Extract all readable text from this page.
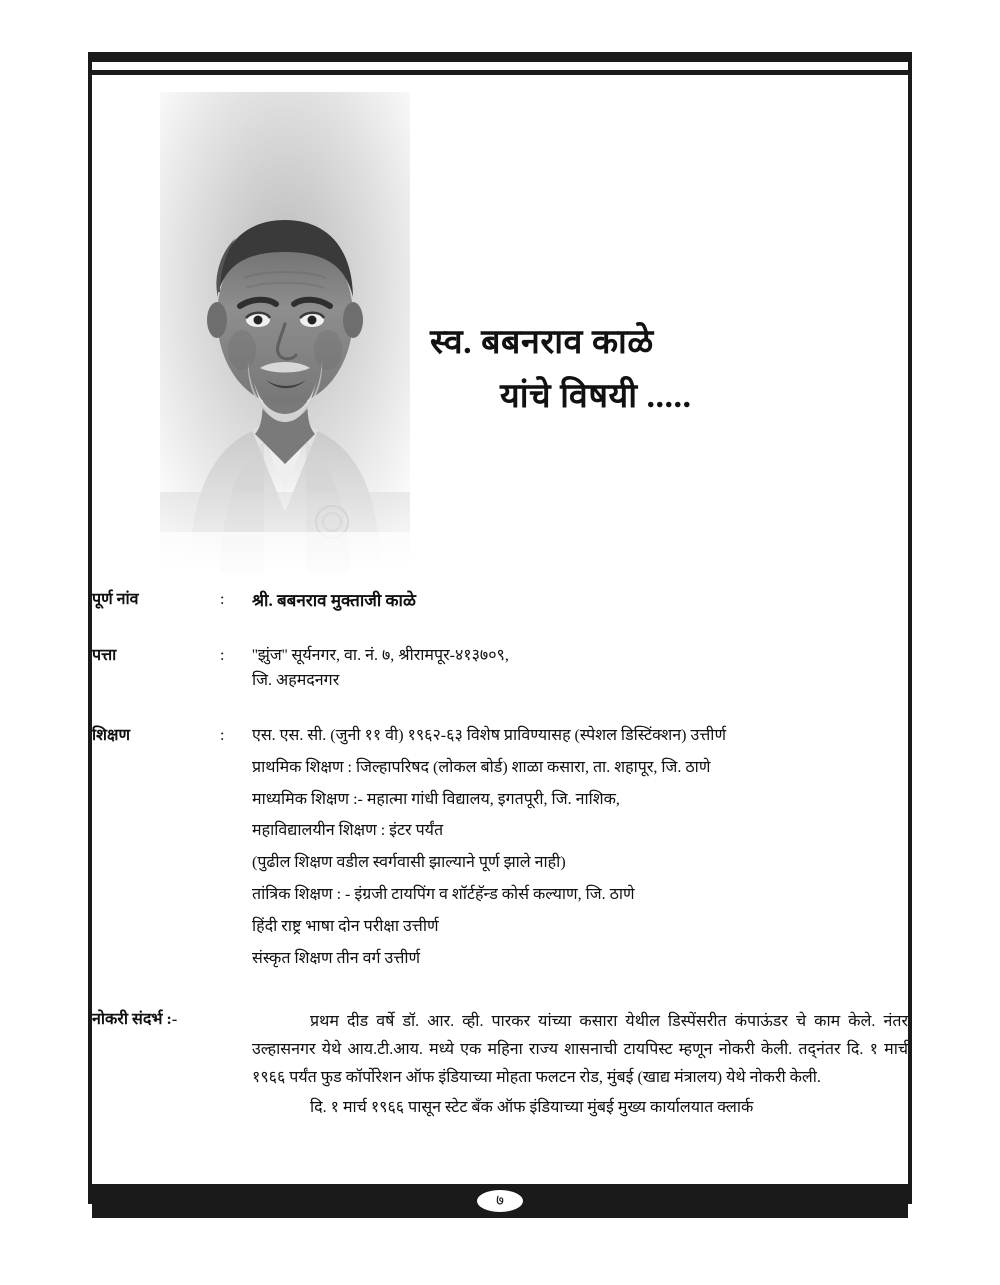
स्व. बबनराव काळे
यांचे विषयी .....
पूर्ण नांव	:	श्री. बबनराव मुक्ताजी काळे
पत्ता	:	''झुंज'' सूर्यनगर, वा. नं. ७, श्रीरामपूर-४१३७०९,
जि. अहमदनगर
शिक्षण	:	एस. एस. सी. (जुनी ११ वी) १९६२-६३ विशेष प्राविण्यासह (स्पेशल डिस्टिंक्शन) उत्तीर्ण
प्राथमिक शिक्षण : जिल्हापरिषद (लोकल बोर्ड) शाळा कसारा, ता. शहापूर, जि. ठाणे
माध्यमिक शिक्षण :- महात्मा गांधी विद्यालय, इगतपूरी, जि. नाशिक,
महाविद्यालयीन शिक्षण : इंटर पर्यंत
(पुढील शिक्षण वडील स्वर्गवासी झाल्याने पूर्ण झाले नाही)
तांत्रिक शिक्षण : - इंग्रजी टायपिंग व शॉर्टहॅन्ड कोर्स कल्याण, जि. ठाणे
हिंदी राष्ट्र भाषा दोन परीक्षा उत्तीर्ण
संस्कृत शिक्षण तीन वर्ग उत्तीर्ण
नोकरी संदर्भ :-	प्रथम दीड वर्षे डॉ. आर. व्ही. पारकर यांच्या कसारा येथील डिस्पेंसरीत कंपाऊंडर चे काम केले. नंतर उल्हासनगर येथे आय.टी.आय. मध्ये एक महिना राज्य शासनाची टायपिस्ट म्हणून नोकरी केली. तद्नंतर दि. १ मार्च १९६६ पर्यंत फुड कॉर्पोरेशन ऑफ इंडियाच्या मोहता फलटन रोड, मुंबई (खाद्य मंत्रालय) येथे नोकरी केली.
दि. १ मार्च १९६६ पासून स्टेट बँक ऑफ इंडियाच्या मुंबई मुख्य कार्यालयात क्लार्क
७
